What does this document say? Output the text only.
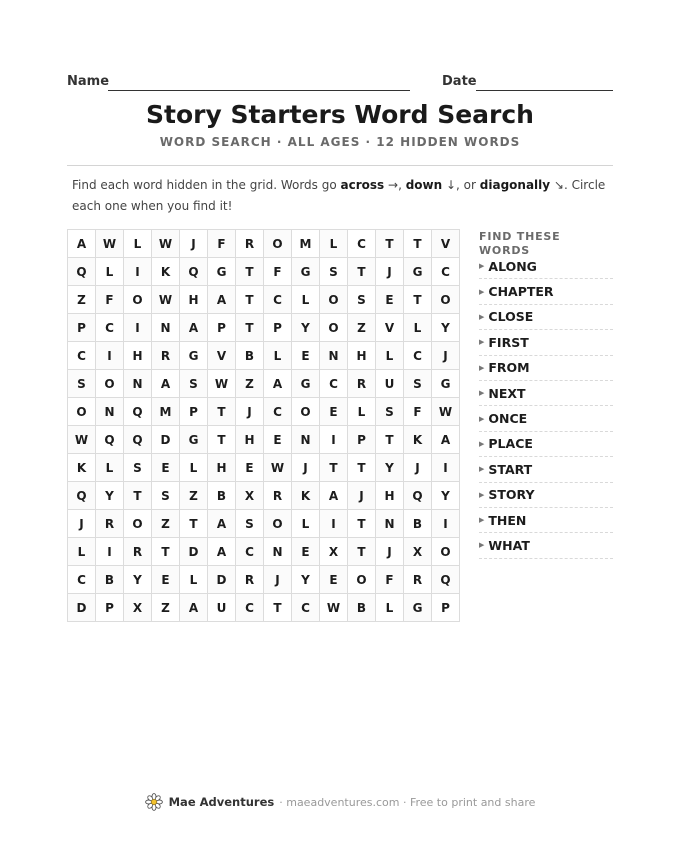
Name	Date
Story Starters Word Search
WORD SEARCH · ALL AGES · 12 HIDDEN WORDS

Find each word hidden in the grid. Words go across →, down ↓, or diagonally ↘. Circle each one when you find it!

A	W	L	W	J	F	R	O	M	L	C	T	T	V
Q	L	I	K	Q	G	T	F	G	S	T	J	G	C
Z	F	O	W	H	A	T	C	L	O	S	E	T	O
P	C	I	N	A	P	T	P	Y	O	Z	V	L	Y
C	I	H	R	G	V	B	L	E	N	H	L	C	J
S	O	N	A	S	W	Z	A	G	C	R	U	S	G
O	N	Q	M	P	T	J	C	O	E	L	S	F	W
W	Q	Q	D	G	T	H	E	N	I	P	T	K	A
K	L	S	E	L	H	E	W	J	T	T	Y	J	I
Q	Y	T	S	Z	B	X	R	K	A	J	H	Q	Y
J	R	O	Z	T	A	S	O	L	I	T	N	B	I
L	I	R	T	D	A	C	N	E	X	T	J	X	O
C	B	Y	E	L	D	R	J	Y	E	O	F	R	Q
D	P	X	Z	A	U	C	T	C	W	B	L	G	P
FIND THESE WORDS
▶ ALONG
▶ CHAPTER
▶ CLOSE
▶ FIRST
▶ FROM
▶ NEXT
▶ ONCE
▶ PLACE
▶ START
▶ STORY
▶ THEN
▶ WHAT
Mae Adventures · maeadventures.com · Free to print and share
